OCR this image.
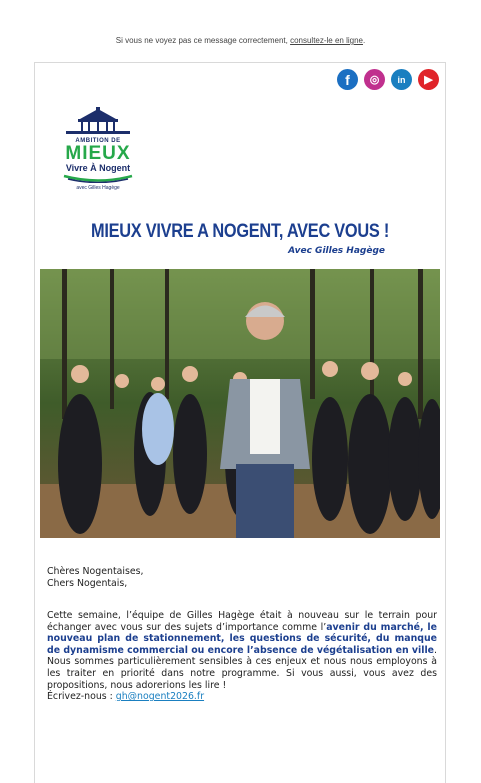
Si vous ne voyez pas ce message correctement, consultez-le en ligne.
f	◎	in	▶
AMBITION DE
MIEUX
Vivre À Nogent
avec Gilles Hagège
MIEUX VIVRE A NOGENT, AVEC VOUS !
Avec Gilles Hagège
Chères Nogentaises,
Chers Nogentais,
Cette semaine, l’équipe de Gilles Hagège était à nouveau sur le terrain pour échanger avec vous sur des sujets d’importance comme l’avenir du marché, le nouveau plan de stationnement, les questions de sécurité, du manque de dynamisme commercial ou encore l’absence de végétalisation en ville. Nous sommes particulièrement sensibles à ces enjeux et nous nous employons à les traiter en priorité dans notre programme. Si vous aussi, vous avez des propositions, nous adorerions les lire !
Écrivez-nous : gh@nogent2026.fr
